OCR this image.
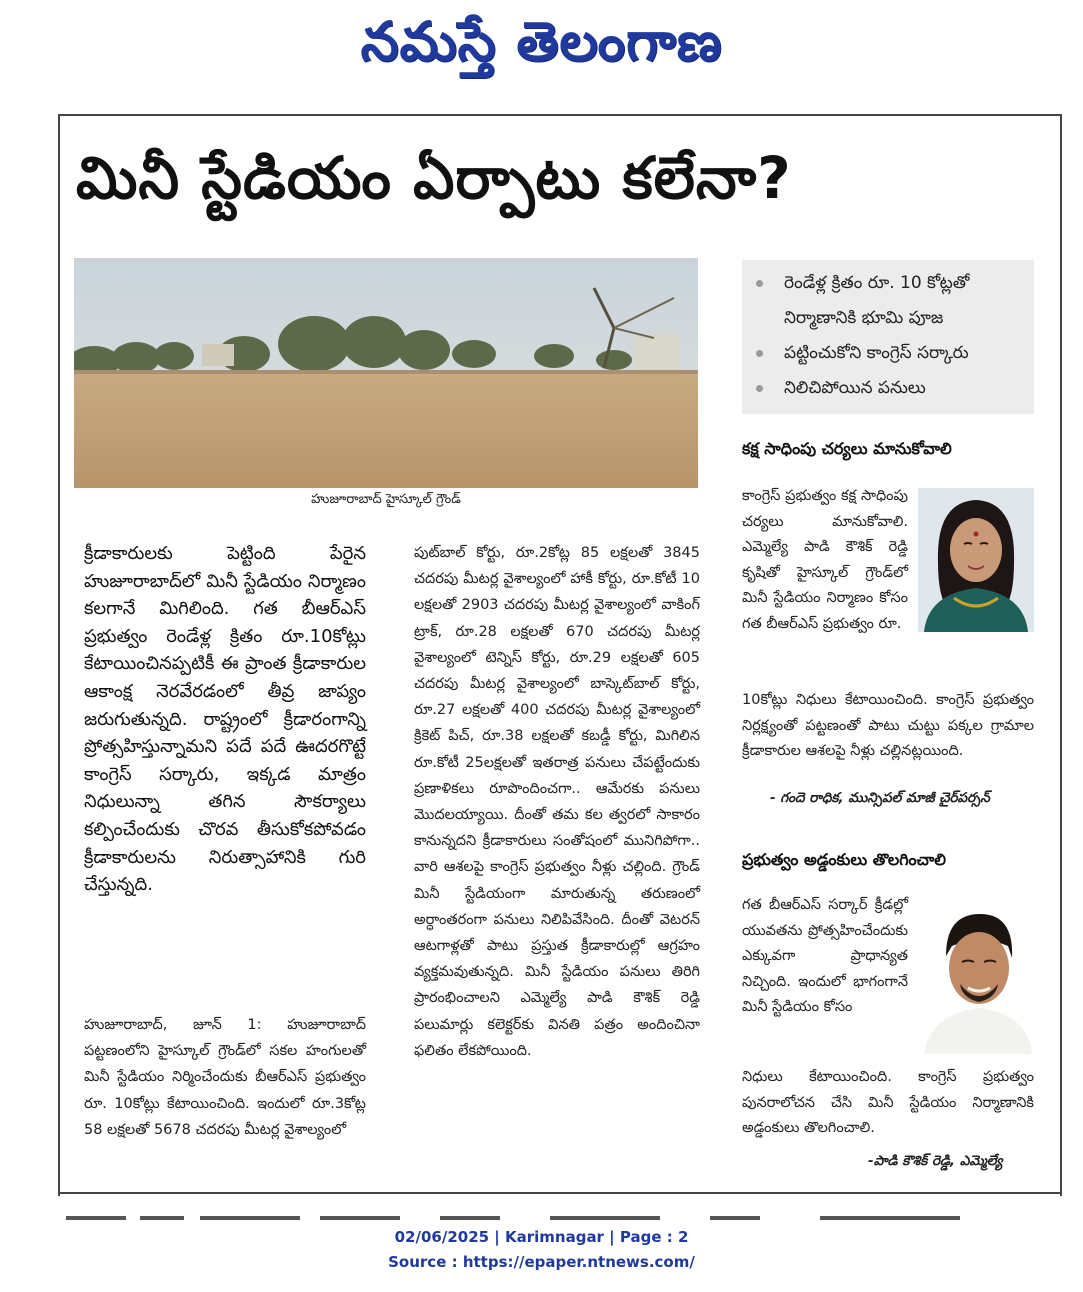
నమస్తే తెలంగాణ
మినీ స్టేడియం ఏర్పాటు కలేనా?
హుజూరాబాద్ హైస్కూల్ గ్రౌండ్
రెండేళ్ల క్రితం రూ. 10 కోట్లతో
నిర్మాణానికి భూమి పూజ
పట్టించుకోని కాంగ్రెస్ సర్కారు
నిలిచిపోయిన పనులు

క్రీడాకారులకు పెట్టింది పేరైన హుజూరాబాద్‌లో మినీ స్టేడియం నిర్మాణం కలగానే మిగిలింది. గత బీఆర్ఎస్ ప్రభుత్వం రెండేళ్ల క్రితం రూ.10కోట్లు కేటాయించినప్పటికీ ఈ ప్రాంత క్రీడాకారుల ఆకాంక్ష నెరవేరడంలో తీవ్ర జాప్యం జరుగుతున్నది. రాష్ట్రంలో క్రీడారంగాన్ని ప్రోత్సహిస్తున్నామని పదే పదే ఊదరగొట్టే కాంగ్రెస్ సర్కారు, ఇక్కడ మాత్రం నిధులున్నా తగిన సౌకర్యాలు కల్పించేందుకు చొరవ తీసుకోకపోవడం క్రీడాకారులను నిరుత్సాహానికి గురి చేస్తున్నది.

హుజూరాబాద్, జూన్ 1: హుజూరాబాద్ పట్టణంలోని హైస్కూల్ గ్రౌండ్‌లో సకల హంగులతో మినీ స్టేడియం నిర్మించేందుకు బీఆర్ఎస్ ప్రభుత్వం రూ. 10కోట్లు కేటాయించింది. ఇందులో రూ.3కోట్ల 58 లక్షలతో 5678 చదరపు మీటర్ల వైశాల్యంలో

పుట్‌బాల్ కోర్టు, రూ.2కోట్ల 85 లక్షలతో 3845 చదరపు మీటర్ల వైశాల్యంలో హాకీ కోర్టు, రూ.కోటీ 10 లక్షలతో 2903 చదరపు మీటర్ల వైశాల్యంలో వాకింగ్ ట్రాక్, రూ.28 లక్షలతో 670 చదరపు మీటర్ల వైశాల్యంలో టెన్నిస్ కోర్టు, రూ.29 లక్షలతో 605 చదరపు మీటర్ల వైశాల్యంలో బాస్కెట్‌బాల్ కోర్టు, రూ.27 లక్షలతో 400 చదరపు మీటర్ల వైశాల్యంలో క్రికెట్ పిచ్, రూ.38 లక్షలతో కబడ్డీ కోర్టు, మిగిలిన రూ.కోటీ 25లక్షలతో ఇతరాత్ర పనులు చేపట్టేందుకు ప్రణాళికలు రూపొందించగా.. ఆమేరకు పనులు మొదలయ్యాయి. దీంతో తమ కల త్వరలో సాకారం కానున్నదని క్రీడాకారులు సంతోషంలో మునిగిపోగా.. వారి ఆశలపై కాంగ్రెస్ ప్రభుత్వం నీళ్లు చల్లింది. గ్రౌండ్ మినీ స్టేడియంగా మారుతున్న తరుణంలో అర్ధాంతరంగా పనులు నిలిపివేసింది. దీంతో వెటరన్ ఆటగాళ్లతో పాటు ప్రస్తుత క్రీడాకారుల్లో ఆగ్రహం వ్యక్తమవుతున్నది. మినీ స్టేడియం పనులు తిరిగి ప్రారంభించాలని ఎమ్మెల్యే పాడి కౌశిక్ రెడ్డి పలుమార్లు కలెక్టర్‌కు వినతి పత్రం అందించినా ఫలితం లేకపోయింది.

కక్ష సాధింపు చర్యలు మానుకోవాలి
కాంగ్రెస్ ప్రభుత్వం కక్ష సాధింపు చర్యలు మానుకోవాలి. ఎమ్మెల్యే పాడి కౌశిక్ రెడ్డి కృషితో హైస్కూల్ గ్రౌండ్‌లో మినీ స్టేడియం నిర్మాణం కోసం గత బీఆర్ఎస్ ప్రభుత్వం రూ.
10కోట్లు నిధులు కేటాయించింది. కాంగ్రెస్ ప్రభుత్వం నిర్లక్ష్యంతో పట్టణంతో పాటు చుట్టు పక్కల గ్రామాల క్రీడాకారుల ఆశలపై నీళ్లు చల్లినట్లయింది.
- గందె రాధిక, మున్సిపల్ మాజీ చైర్‌పర్సన్
ప్రభుత్వం అడ్డంకులు తొలగించాలి
గత బీఆర్ఎస్ సర్కార్ క్రీడల్లో యువతను ప్రోత్సహించేందుకు ఎక్కువగా ప్రాధాన్యత నిచ్చింది. ఇందులో భాగంగానే మినీ స్టేడియం కోసం
నిధులు కేటాయించింది. కాంగ్రెస్ ప్రభుత్వం పునరాలోచన చేసి మినీ స్టేడియం నిర్మాణానికి అడ్డంకులు తొలగించాలి.
-పాడి కౌశిక్ రెడ్డి, ఎమ్మెల్యే
02/06/2025 | Karimnagar | Page : 2
Source : https://epaper.ntnews.com/
